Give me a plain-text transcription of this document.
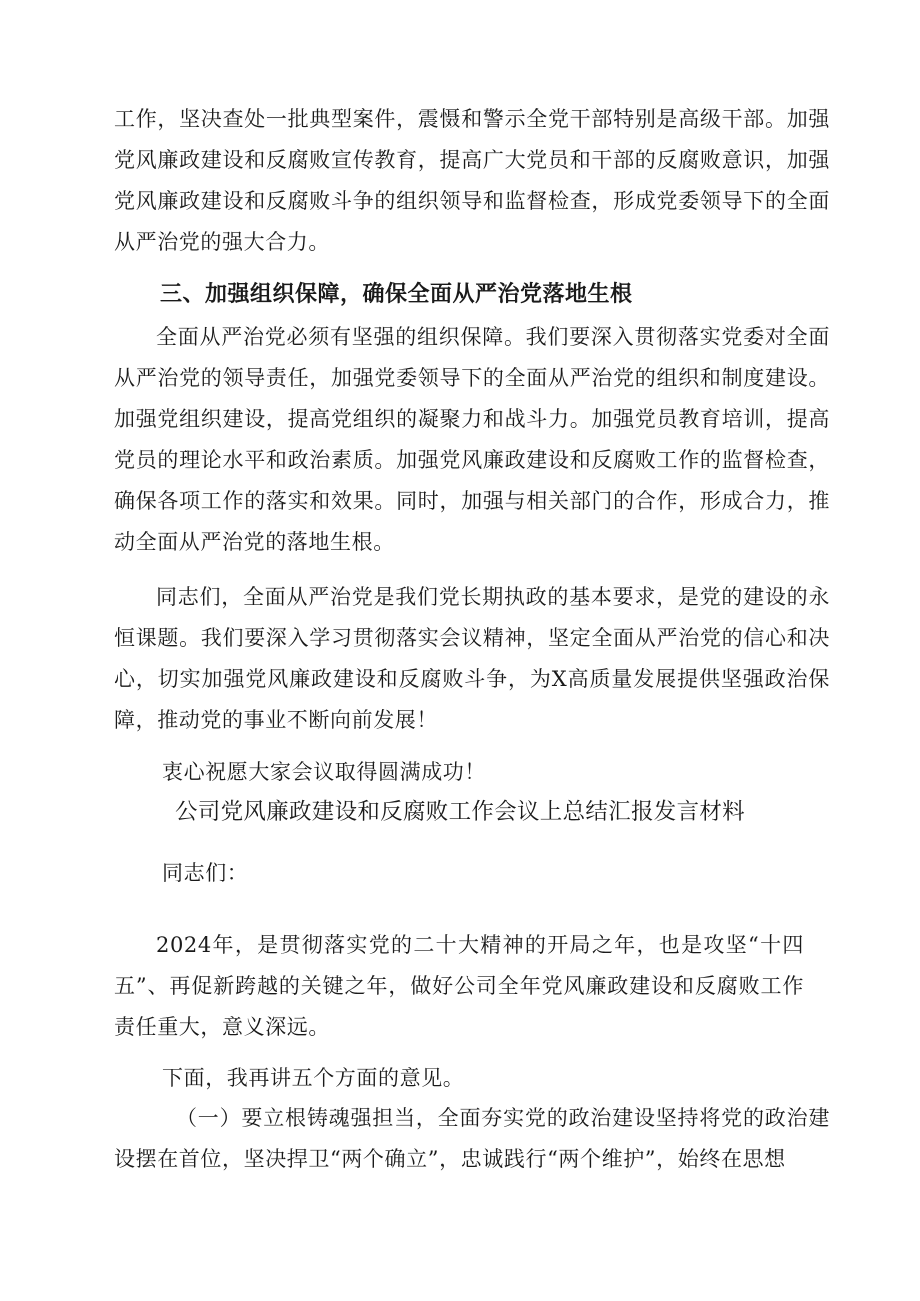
工作，坚决查处一批典型案件，震慑和警示全党干部特别是高级干部。加强党风廉政建设和反腐败宣传教育，提高广大党员和干部的反腐败意识，加强党风廉政建设和反腐败斗争的组织领导和监督检查，形成党委领导下的全面从严治党的强大合力。

三、加强组织保障，确保全面从严治党落地生根

全面从严治党必须有坚强的组织保障。我们要深入贯彻落实党委对全面从严治党的领导责任，加强党委领导下的全面从严治党的组织和制度建设。加强党组织建设，提高党组织的凝聚力和战斗力。加强党员教育培训，提高党员的理论水平和政治素质。加强党风廉政建设和反腐败工作的监督检查，确保各项工作的落实和效果。同时，加强与相关部门的合作，形成合力，推动全面从严治党的落地生根。

同志们，全面从严治党是我们党长期执政的基本要求，是党的建设的永恒课题。我们要深入学习贯彻落实会议精神，坚定全面从严治党的信心和决心，切实加强党风廉政建设和反腐败斗争，为X高质量发展提供坚强政治保障，推动党的事业不断向前发展！

衷心祝愿大家会议取得圆满成功！

公司党风廉政建设和反腐败工作会议上总结汇报发言材料

同志们：

2024年，是贯彻落实党的二十大精神的开局之年，也是攻坚“十四五”、再促新跨越的关键之年，做好公司全年党风廉政建设和反腐败工作责任重大，意义深远。

下面，我再讲五个方面的意见。

（一）要立根铸魂强担当，全面夯实党的政治建设坚持将党的政治建设摆在首位，坚决捍卫“两个确立”，忠诚践行“两个维护”，始终在思想
